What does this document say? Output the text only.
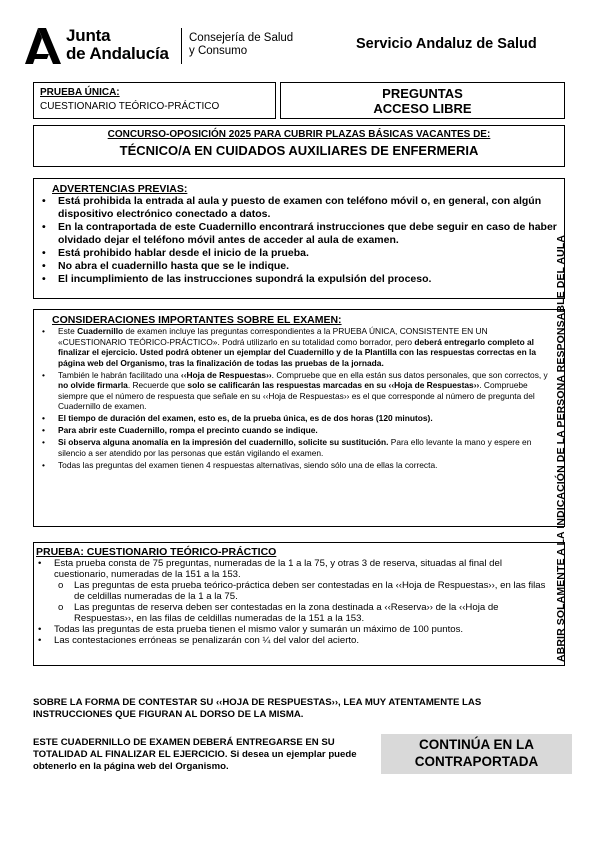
Junta
de Andalucía
Consejería de Salud
y Consumo	Servicio Andaluz de Salud
PRUEBA ÚNICA:
CUESTIONARIO TEÓRICO-PRÁCTICO
PREGUNTAS
ACCESO LIBRE
CONCURSO-OPOSICIÓN 2025 PARA CUBRIR PLAZAS BÁSICAS VACANTES DE:
TÉCNICO/A EN CUIDADOS AUXILIARES DE ENFERMERIA
ADVERTENCIAS PREVIAS:
• Está prohibida la entrada al aula y puesto de examen con teléfono móvil o, en general, con algún dispositivo electrónico conectado a datos.
• En la contraportada de este Cuadernillo encontrará instrucciones que debe seguir en caso de haber olvidado dejar el teléfono móvil antes de acceder al aula de examen.
• Está prohibido hablar desde el inicio de la prueba.
• No abra el cuadernillo hasta que se le indique.
• El incumplimiento de las instrucciones supondrá la expulsión del proceso.
CONSIDERACIONES IMPORTANTES SOBRE EL EXAMEN:
• Este Cuadernillo de examen incluye las preguntas correspondientes a la PRUEBA ÚNICA, CONSISTENTE EN UN «CUESTIONARIO TEÓRICO-PRÁCTICO». Podrá utilizarlo en su totalidad como borrador, pero deberá entregarlo completo al finalizar el ejercicio. Usted podrá obtener un ejemplar del Cuadernillo y de la Plantilla con las respuestas correctas en la página web del Organismo, tras la finalización de todas las pruebas de la jornada.
• También le habrán facilitado una ‹‹Hoja de Respuestas››. Compruebe que en ella están sus datos personales, que son correctos, y no olvide firmarla. Recuerde que solo se calificarán las respuestas marcadas en su ‹‹Hoja de Respuestas››. Compruebe siempre que el número de respuesta que señale en su ‹‹Hoja de Respuestas›› es el que corresponde al número de pregunta del Cuadernillo de examen.
• El tiempo de duración del examen, esto es, de la prueba única, es de dos horas (120 minutos).
• Para abrir este Cuadernillo, rompa el precinto cuando se indique.
• Si observa alguna anomalía en la impresión del cuadernillo, solicite su sustitución. Para ello levante la mano y espere en silencio a ser atendido por las personas que están vigilando el examen.
• Todas las preguntas del examen tienen 4 respuestas alternativas, siendo sólo una de ellas la correcta.
PRUEBA: CUESTIONARIO TEÓRICO-PRÁCTICO
• Esta prueba consta de 75 preguntas, numeradas de la 1 a la 75, y otras 3 de reserva, situadas al final del cuestionario, numeradas de la 151 a la 153.
o Las preguntas de esta prueba teórico-práctica deben ser contestadas en la ‹‹Hoja de Respuestas››, en las filas de celdillas numeradas de la 1 a la 75.
o Las preguntas de reserva deben ser contestadas en la zona destinada a ‹‹Reserva›› de la ‹‹Hoja de Respuestas››, en las filas de celdillas numeradas de la 151 a la 153.
• Todas las preguntas de esta prueba tienen el mismo valor y sumarán un máximo de 100 puntos.
• Las contestaciones erróneas se penalizarán con ¼ del valor del acierto.	ABRIR SOLAMENTE A LA INDICACIÓN DE LA PERSONA RESPONSABLE DEL AULA
SOBRE LA FORMA DE CONTESTAR SU ‹‹HOJA DE RESPUESTAS››, LEA MUY ATENTAMENTE LAS INSTRUCCIONES QUE FIGURAN AL DORSO DE LA MISMA.
ESTE CUADERNILLO DE EXAMEN DEBERÁ ENTREGARSE EN SU TOTALIDAD AL FINALIZAR EL EJERCICIO. Si desea un ejemplar puede obtenerlo en la página web del Organismo.
CONTINÚA EN LA
CONTRAPORTADA
